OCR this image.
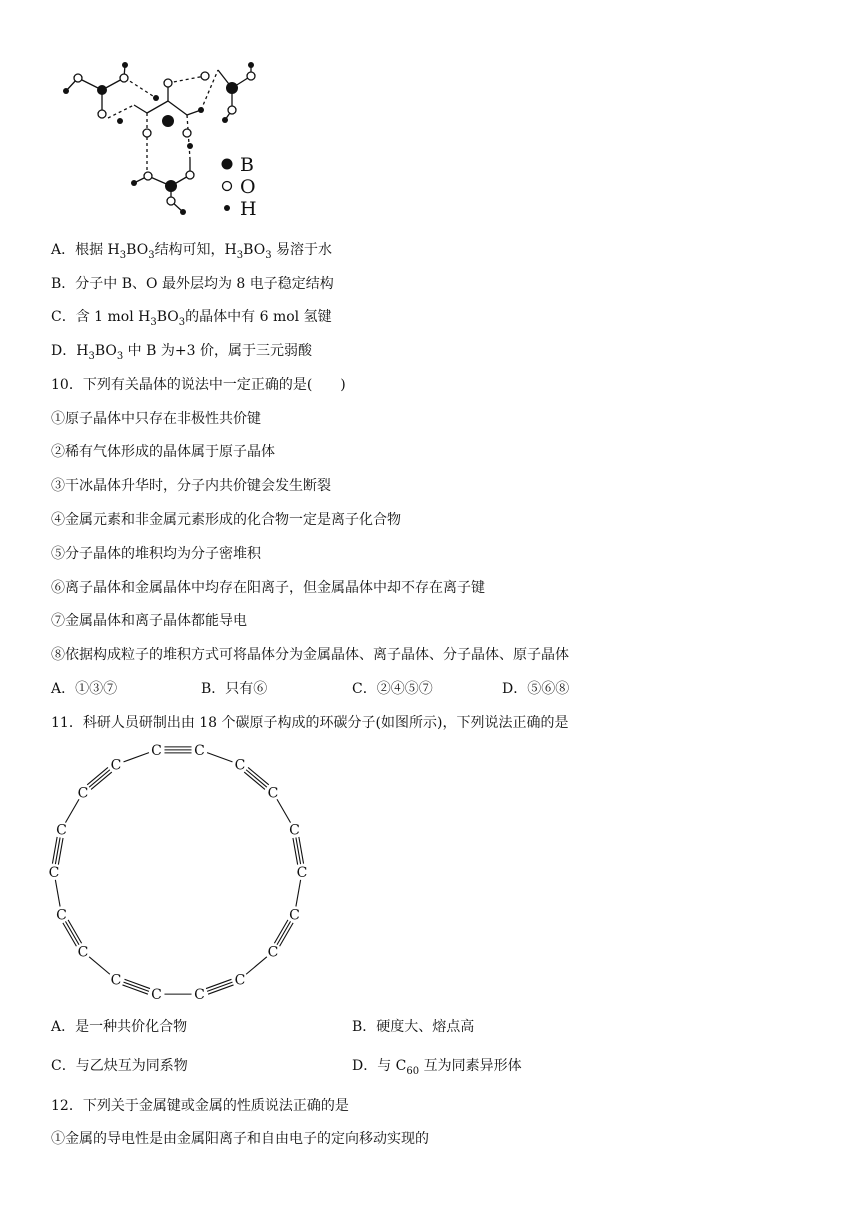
B
O
H
A．根据 $H_3BO_3$结构可知，$H_3BO_3$ 易溶于水
B．分子中 B、O 最外层均为 8 电子稳定结构
C．含 1 mol $H_3BO_3$的晶体中有 6 mol 氢键
D．$H_3BO_3$ 中 B 为+3 价，属于三元弱酸
10．下列有关晶体的说法中一定正确的是(　　)
①原子晶体中只存在非极性共价键
②稀有气体形成的晶体属于原子晶体
③干冰晶体升华时，分子内共价键会发生断裂
④金属元素和非金属元素形成的化合物一定是离子化合物
⑤分子晶体的堆积均为分子密堆积
⑥离子晶体和金属晶体中均存在阳离子，但金属晶体中却不存在离子键
⑦金属晶体和离子晶体都能导电
⑧依据构成粒子的堆积方式可将晶体分为金属晶体、离子晶体、分子晶体、原子晶体
A．①③⑦	B．只有⑥	C．②④⑤⑦	D．⑤⑥⑧
11．科研人员研制出由 18 个碳原子构成的环碳分子(如图所示)，下列说法正确的是
C C
C
C
C
C
C
C
C
C
C
C
C
C
C
C
C
C
A．是一种共价化合物	B．硬度大、熔点高
C．与乙炔互为同系物	D．与 $C_{60}$ 互为同素异形体
12．下列关于金属键或金属的性质说法正确的是
①金属的导电性是由金属阳离子和自由电子的定向移动实现的
